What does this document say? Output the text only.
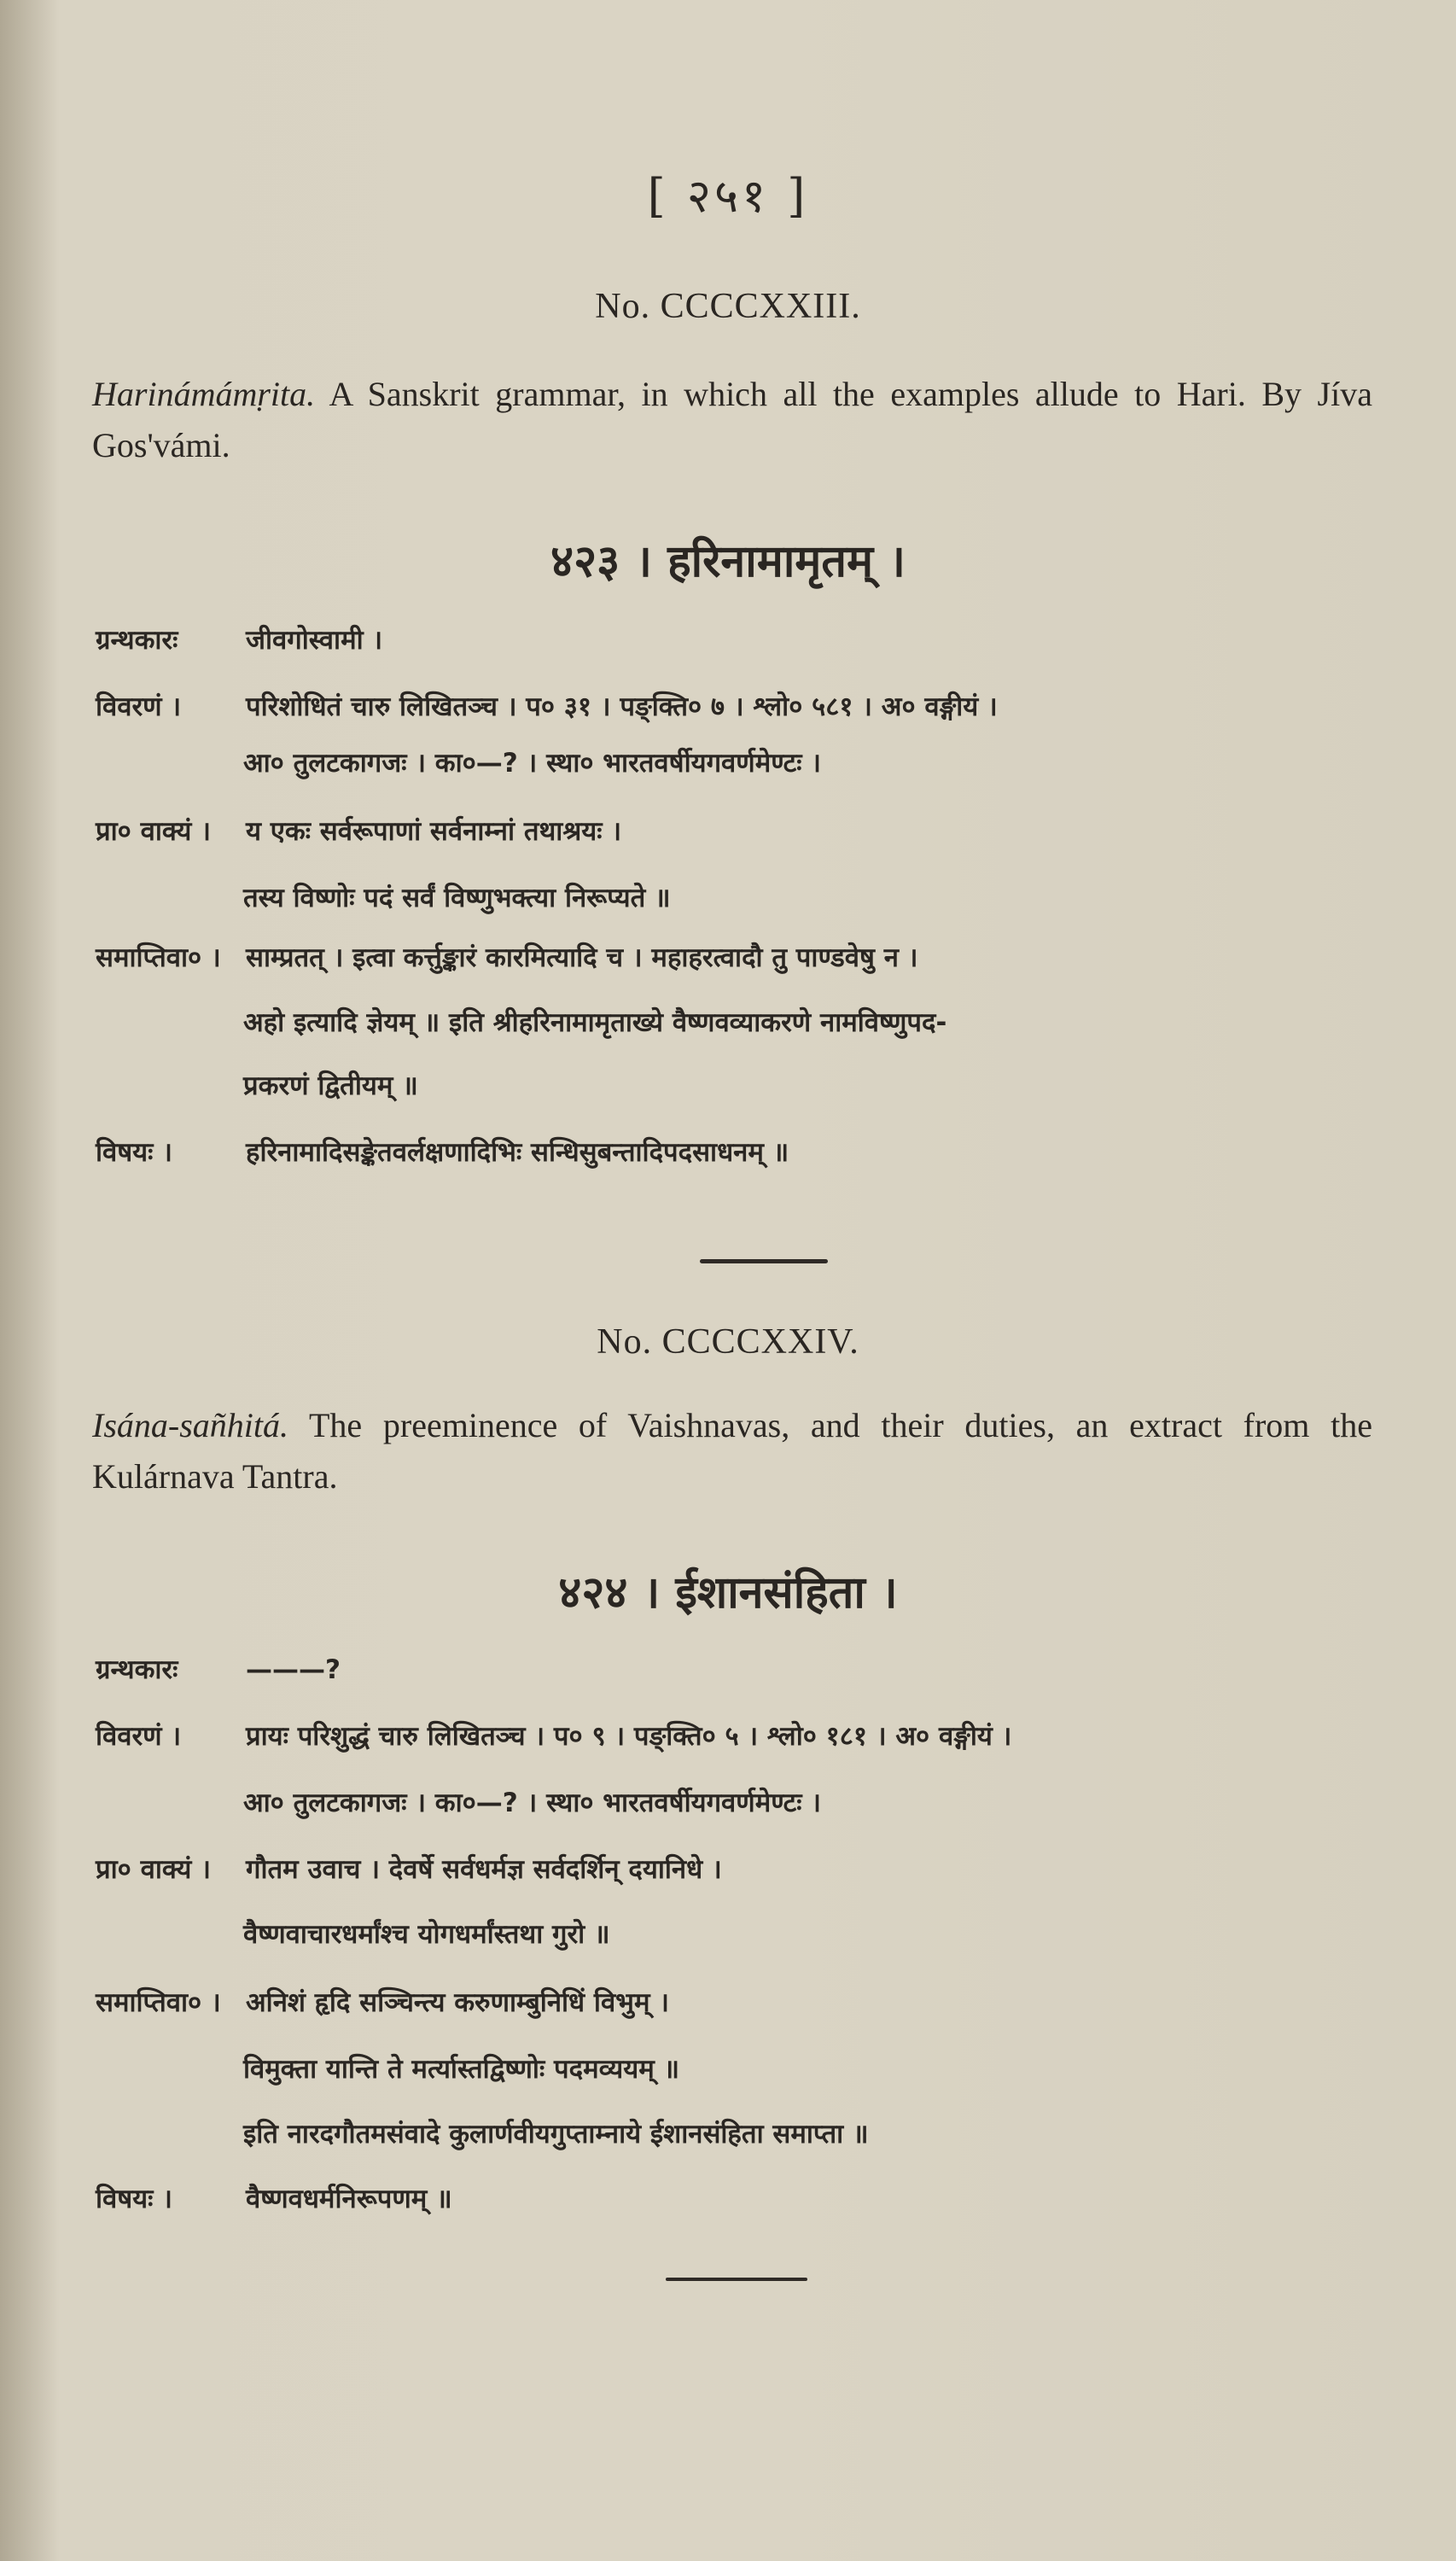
[ २५१ ]
No. CCCCXXIII.
Harinámámṛita. A Sanskrit grammar, in which all the examples allude to Hari. By Jíva Gos'vámi.
४२३ । हरिनामामृतम् ।
ग्रन्थकारः	जीवगोस्वामी ।
विवरणं । परिशोधितं चारु लिखितञ्च । प० ३१ । पङ्क्ति० ७ । श्लो० ५८१ । अ० वङ्गीयं ।
आ० तुलटकागजः । का०—? । स्था० भारतवर्षीयगवर्णमेण्टः ।
प्रा० वाक्यं । य एकः सर्वरूपाणां सर्वनाम्नां तथाश्रयः ।
तस्य विष्णोः पदं सर्वं विष्णुभक्त्या निरूप्यते ॥
समाप्तिवा० । साम्प्रतत् । इत्वा कर्त्तुङ्कारं कारमित्यादि च । महाहरत्वादौ तु पाण्डवेषु न ।
अहो इत्यादि ज्ञेयम् ॥ इति श्रीहरिनामामृताख्ये वैष्णवव्याकरणे नामविष्णुपद-
प्रकरणं द्वितीयम् ॥
विषयः ।	हरिनामादिसङ्केतवर्लक्षणादिभिः सन्धिसुबन्तादिपदसाधनम् ॥
No. CCCCXXIV.
Isána-sañhitá. The preeminence of Vaishnavas, and their duties, an extract from the Kulárnava Tantra.
४२४ । ईशानसंहिता ।
ग्रन्थकारः	———?
विवरणं । प्रायः परिशुद्धं चारु लिखितञ्च । प० ९ । पङ्क्ति० ५ । श्लो० १८१ । अ० वङ्गीयं ।
आ० तुलटकागजः । का०—? । स्था० भारतवर्षीयगवर्णमेण्टः ।
प्रा० वाक्यं । गौतम उवाच । देवर्षे सर्वधर्मज्ञ सर्वदर्शिन् दयानिधे ।
वैष्णवाचारधर्मांश्च योगधर्मांस्तथा गुरो ॥
समाप्तिवा० । अनिशं हृदि सञ्चिन्त्य करुणाम्बुनिधिं विभुम् ।
विमुक्ता यान्ति ते मर्त्यास्तद्विष्णोः पदमव्ययम् ॥
इति नारदगौतमसंवादे कुलार्णवीयगुप्ताम्नाये ईशानसंहिता समाप्ता ॥
विषयः ।	वैष्णवधर्मनिरूपणम् ॥
